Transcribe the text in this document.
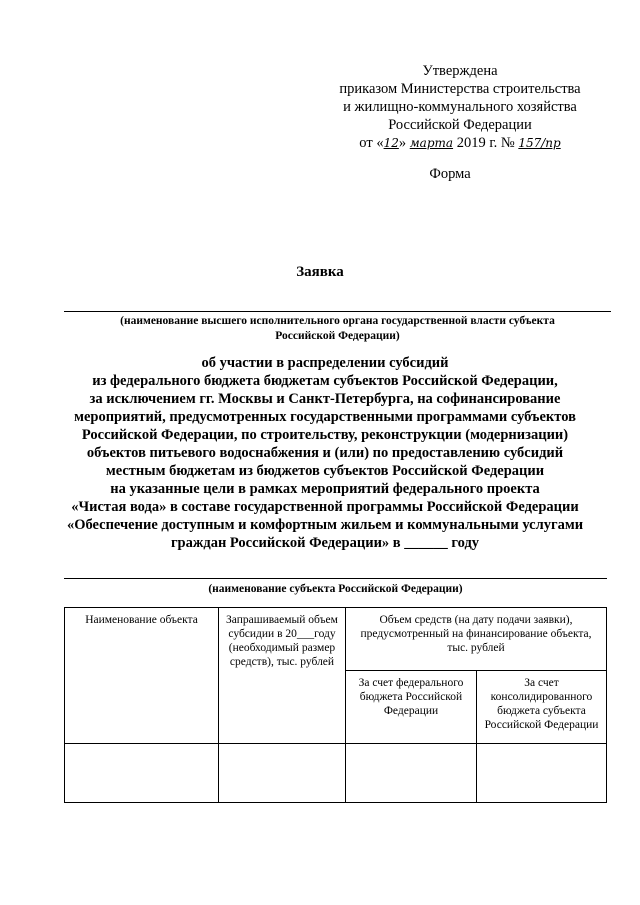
Утверждена
приказом Министерства строительства
и жилищно-коммунального хозяйства
Российской Федерации
от «12» марта 2019 г. № 157/пр
Форма
Заявка
(наименование высшего исполнительного органа государственной власти субъекта
Российской Федерации)
об участии в распределении субсидий
из федерального бюджета бюджетам субъектов Российской Федерации,
за исключением гг. Москвы и Санкт-Петербурга, на софинансирование
мероприятий, предусмотренных государственными программами субъектов
Российской Федерации, по строительству, реконструкции (модернизации)
объектов питьевого водоснабжения и (или) по предоставлению субсидий
местным бюджетам из бюджетов субъектов Российской Федерации
на указанные цели в рамках мероприятий федерального проекта
«Чистая вода» в составе государственной программы Российской Федерации
«Обеспечение доступным и комфортным жильем и коммунальными услугами
граждан Российской Федерации» в ______ году
(наименование субъекта Российской Федерации)
Наименование объекта	Запрашиваемый объем субсидии в 20___году (необходимый размер средств), тыс. рублей	Объем средств (на дату подачи заявки), предусмотренный на финансирование объекта, тыс. рублей	
		За счет федерального бюджета Российской Федерации	За счет консолидированного бюджета субъекта Российской Федерации
